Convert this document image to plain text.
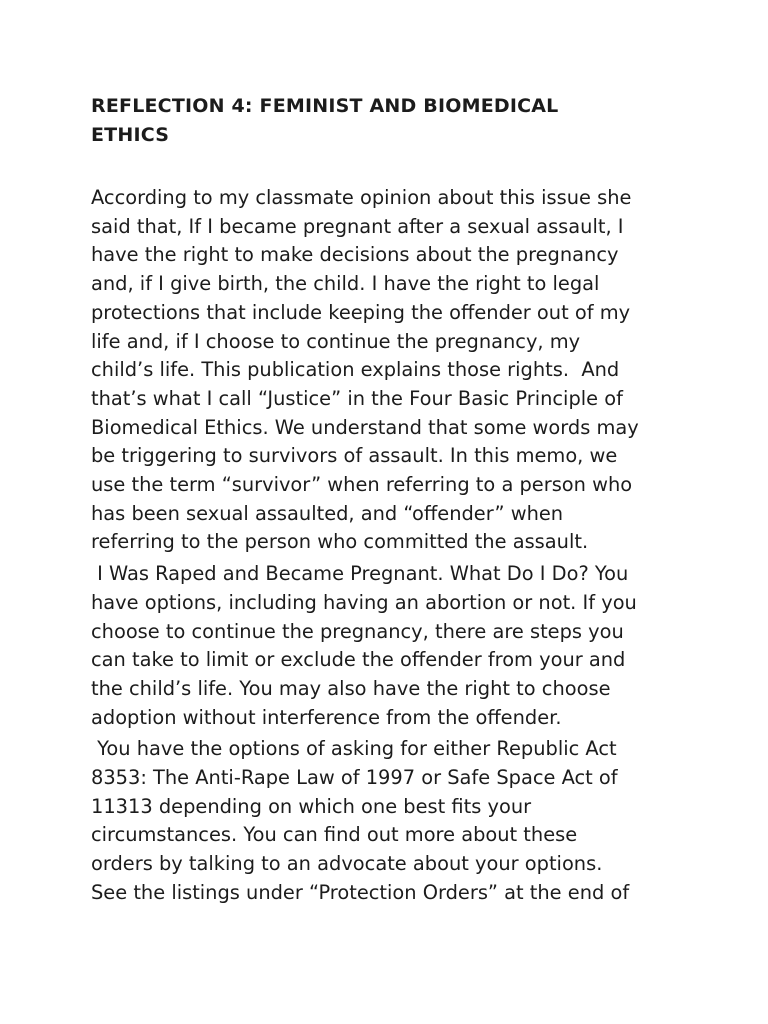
REFLECTION 4: FEMINIST AND BIOMEDICAL
ETHICS

According to my classmate opinion about this issue she
said that, If I became pregnant after a sexual assault, I
have the right to make decisions about the pregnancy
and, if I give birth, the child. I have the right to legal
protections that include keeping the offender out of my
life and, if I choose to continue the pregnancy, my
child’s life. This publication explains those rights.  And
that’s what I call “Justice” in the Four Basic Principle of
Biomedical Ethics. We understand that some words may
be triggering to survivors of assault. In this memo, we
use the term “survivor” when referring to a person who
has been sexual assaulted, and “offender” when
referring to the person who committed the assault.

I Was Raped and Became Pregnant. What Do I Do? You
have options, including having an abortion or not. If you
choose to continue the pregnancy, there are steps you
can take to limit or exclude the offender from your and
the child’s life. You may also have the right to choose
adoption without interference from the offender.

You have the options of asking for either Republic Act
8353: The Anti-Rape Law of 1997 or Safe Space Act of
11313 depending on which one best fits your
circumstances. You can find out more about these
orders by talking to an advocate about your options.
See the listings under “Protection Orders” at the end of
